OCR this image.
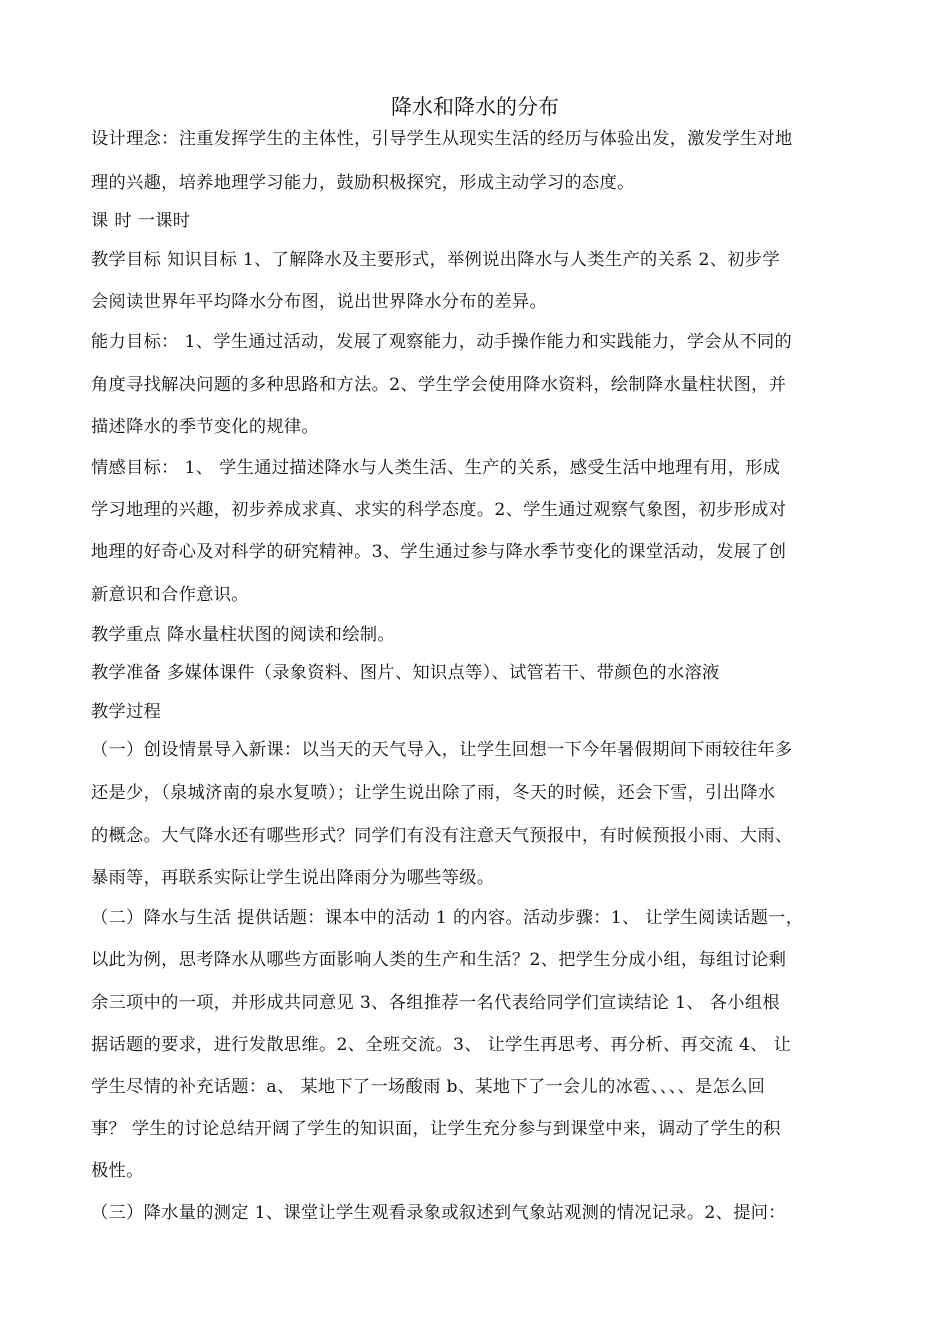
降水和降水的分布
设计理念：注重发挥学生的主体性，引导学生从现实生活的经历与体验出发，激发学生对地
理的兴趣，培养地理学习能力，鼓励积极探究，形成主动学习的态度。
课 时 一课时
教学目标 知识目标 1、了解降水及主要形式，举例说出降水与人类生产的关系 2、初步学
会阅读世界年平均降水分布图，说出世界降水分布的差异。
能力目标： 1、学生通过活动，发展了观察能力，动手操作能力和实践能力，学会从不同的
角度寻找解决问题的多种思路和方法。2、学生学会使用降水资料，绘制降水量柱状图，并
描述降水的季节变化的规律。
情感目标： 1、 学生通过描述降水与人类生活、生产的关系，感受生活中地理有用，形成
学习地理的兴趣，初步养成求真、求实的科学态度。2、学生通过观察气象图，初步形成对
地理的好奇心及对科学的研究精神。3、学生通过参与降水季节变化的课堂活动，发展了创
新意识和合作意识。
教学重点 降水量柱状图的阅读和绘制。
教学准备 多媒体课件（录象资料、图片、知识点等）、试管若干、带颜色的水溶液
教学过程
（一）创设情景导入新课：以当天的天气导入，让学生回想一下今年暑假期间下雨较往年多
还是少，（泉城济南的泉水复喷）；让学生说出除了雨，冬天的时候，还会下雪，引出降水
的概念。大气降水还有哪些形式？同学们有没有注意天气预报中，有时候预报小雨、大雨、
暴雨等，再联系实际让学生说出降雨分为哪些等级。
（二）降水与生活 提供话题：课本中的活动 1 的内容。活动步骤：1、 让学生阅读话题一，
以此为例，思考降水从哪些方面影响人类的生产和生活？2、把学生分成小组，每组讨论剩
余三项中的一项，并形成共同意见 3、各组推荐一名代表给同学们宣读结论 1、 各小组根
据话题的要求，进行发散思维。2、全班交流。3、 让学生再思考、再分析、再交流 4、 让
学生尽情的补充话题：a、 某地下了一场酸雨 b、某地下了一会儿的冰雹、、、、是怎么回
事？ 学生的讨论总结开阔了学生的知识面，让学生充分参与到课堂中来，调动了学生的积
极性。
（三）降水量的测定 1、课堂让学生观看录象或叙述到气象站观测的情况记录。2、提问：
